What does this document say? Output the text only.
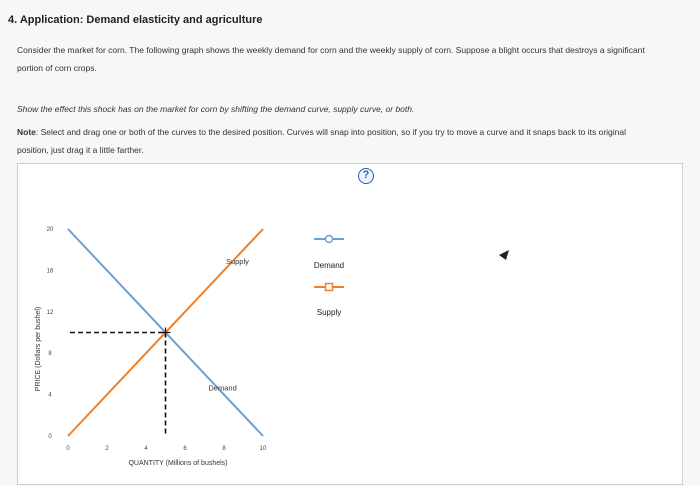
4. Application: Demand elasticity and agriculture
Consider the market for corn. The following graph shows the weekly demand for corn and the weekly supply of corn. Suppose a blight occurs that destroys a significant portion of corn crops.
Show the effect this shock has on the market for corn by shifting the demand curve, supply curve, or both.
Note: Select and drag one or both of the curves to the desired position. Curves will snap into position, so if you try to move a curve and it snaps back to its original position, just drag it a little farther.
?
PRICE (Dollars per bushel)
QUANTITY (Millions of bushels)
0
4
8
12
16
20
0	2	4	6	8	10
Supply
Demand
Demand
Supply
